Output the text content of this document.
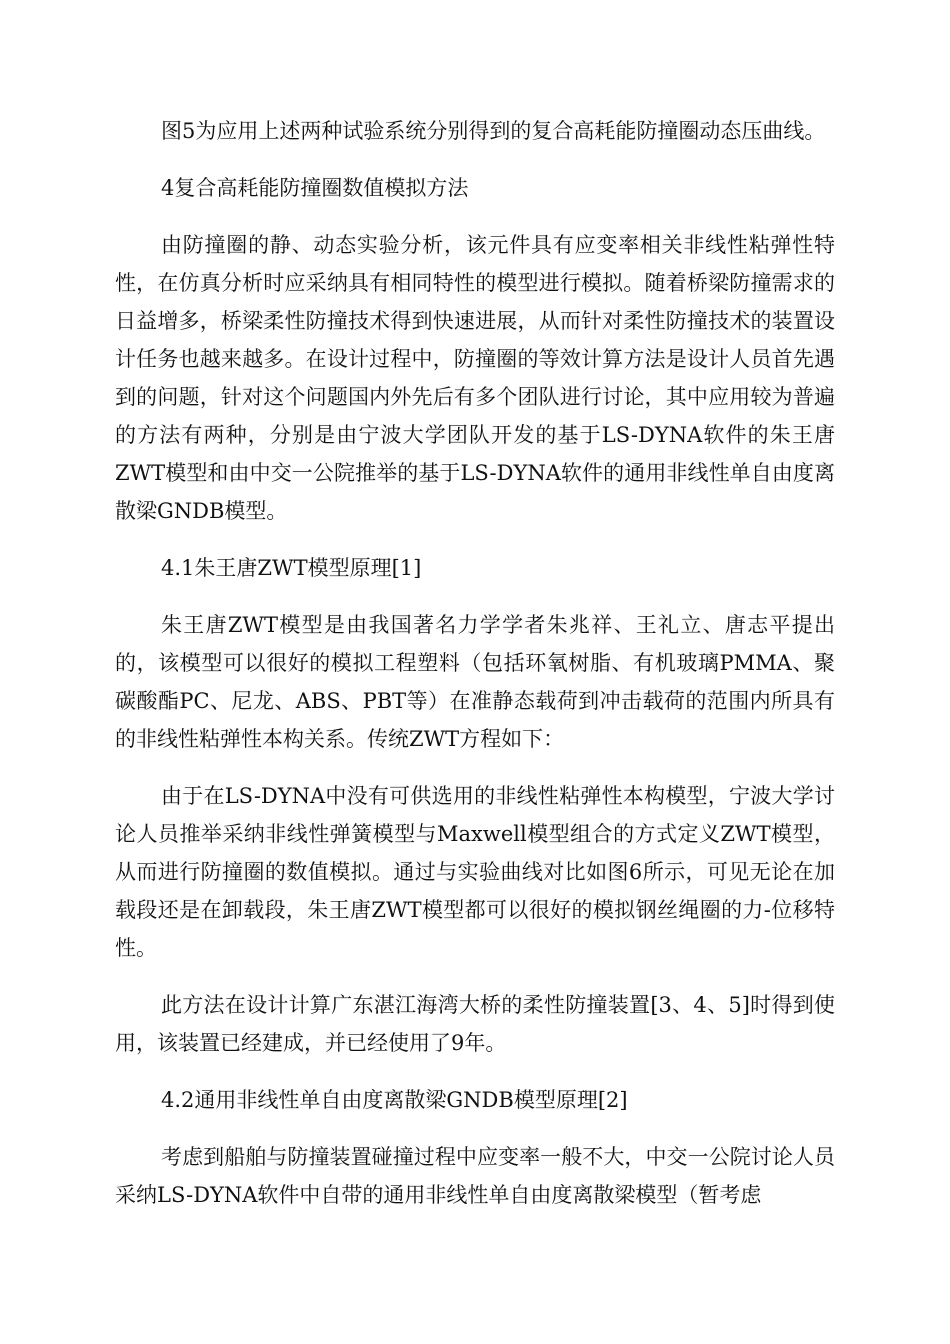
图5为应用上述两种试验系统分别得到的复合高耗能防撞圈动态压曲线。

4复合高耗能防撞圈数值模拟方法

由防撞圈的静、动态实验分析，该元件具有应变率相关非线性粘弹性特性，在仿真分析时应采纳具有相同特性的模型进行模拟。随着桥梁防撞需求的日益增多，桥梁柔性防撞技术得到快速进展，从而针对柔性防撞技术的装置设计任务也越来越多。在设计过程中，防撞圈的等效计算方法是设计人员首先遇到的问题，针对这个问题国内外先后有多个团队进行讨论，其中应用较为普遍的方法有两种，分别是由宁波大学团队开发的基于LS-DYNA软件的朱王唐ZWT模型和由中交一公院推举的基于LS-DYNA软件的通用非线性单自由度离散梁GNDB模型。

4.1朱王唐ZWT模型原理[1]

朱王唐ZWT模型是由我国著名力学学者朱兆祥、王礼立、唐志平提出的，该模型可以很好的模拟工程塑料（包括环氧树脂、有机玻璃PMMA、聚碳酸酯PC、尼龙、ABS、PBT等）在准静态载荷到冲击载荷的范围内所具有的非线性粘弹性本构关系。传统ZWT方程如下：

由于在LS-DYNA中没有可供选用的非线性粘弹性本构模型，宁波大学讨论人员推举采纳非线性弹簧模型与Maxwell模型组合的方式定义ZWT模型，从而进行防撞圈的数值模拟。通过与实验曲线对比如图6所示，可见无论在加载段还是在卸载段，朱王唐ZWT模型都可以很好的模拟钢丝绳圈的力-位移特性。

此方法在设计计算广东湛江海湾大桥的柔性防撞装置[3、4、5]时得到使用，该装置已经建成，并已经使用了9年。

4.2通用非线性单自由度离散梁GNDB模型原理[2]

考虑到船舶与防撞装置碰撞过程中应变率一般不大，中交一公院讨论人员采纳LS-DYNA软件中自带的通用非线性单自由度离散梁模型（暂考虑
